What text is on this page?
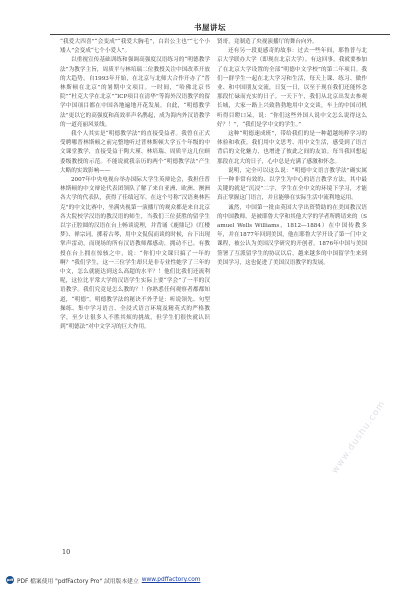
书屋讲坛

“我爱大四喜”“会变成”“我爱大胸毛”，白岩公主也”“七个小矮人”会变成“七个小爱人”。

以重视宣传基础训练和强调高强度汉语练习的“明德教学法”为教学主旨，周质平与林培瑞二位教授关注中国改革开放的大趋势，自1993年开始，在北京与北师大合作开办了“普林斯顿在北京”的暑期中文项目。一时间，“哈佛北京书院”“杜克大学在北京”“ICP项目在清华”等海外汉语教学的留学中国项目都在中国各地遍地开花发展。自此，“明德教学法”更以它的高强度和高效率声名鹊起，成为海内外汉语教学的一道亮丽风景线。

我个人其实是“明德教学法”的直接受益者。我曾在正式受聘哪普林斯顿之前完整地听过普林斯顿大学五个年级的中文课堂教学，直接受益于陶大瑾、林培瑞、周质平这几位顾委级教授的示范。不能说就我亲历的两个“明德教学法”产生大略的实效影响——

2007年中央电视台举办国际大学生英辩论会，我担任普林斯顿的中文辩论代表团领队了解了来自亚洲、欧洲、澳洲各大学的代表队，获得了佳绩冠军。在这个号称“汉语奥林匹克”的中文比赛中，坐满央视第一演播厅的观众都是来自北京各大院校学汉语的教汉语的师生，当我们三位获胜的留学生以字正腔圆的汉语在台上畅谈说理，并背诵《鹿鼎记》《红楼梦》、禅宗词，掷着古琴，用中文侃侃而谈的时候，台下出现掌声雷动，而现场的所有汉语教师都感动，拥动不已。有教授在台上拥在惊骇之中，说：“你们中文课只搞了一年的啊？”我们学生，这一三位学生却只是非专业性她学了三年的中文，怎么就能达到这么高超的水平？！他们比我们还流利呢，这位比平常大学的汉语学生实际上要“学会”了一半的汉语教学。我们究竟是怎么教的？！你熟悉任何观察者都都知道，“明德”，明德教学法的秘诀不外乎是：听说领先、句型操练、集中学习语言、全浸式语言环境及精英式的严格教学，至少让很多人不胜其烦的挑战，但学生们很快就认识到“明德法”对中文学习的巨大作用。

贤哥，竟制造了央视演播厅的舞台向外。

还有另一段更感奇的故事：过去一些年间，耶鲁普与北京大学联办大学（即现在北京大学）。有这回事，我就要参加了在北京大学设置的全部“明德中文学校”的第二年项目。我们一群学生一起在北大学习和生活，每天上课、练习、做作业、和中国朋友交流，日复一日，以至于现在我们还能怀念那段忙碌而充实的日子。一天下午，我们从北京出发去参观长城，大家一路上兴致勃勃地用中文交谈，车上的中国司机听得目瞪口呆，说：“你们这些外国人说中文怎么说得这么好？！”，“我们是学中文的学生。”

这种“明德速成班”，带给我们的是一种超越纯粹学习的体验和收获。我们用中文思考、用中文生活，感受到了语言背后的文化魅力，也增进了彼此之间的友谊。每当我回想起那段在北大的日子，心中总是充满了感激和怀念。

说明，完全可以这么说：“明德中文语言教学法”确实属于一种非常有效的、以学生为中心的语言教学方法，其中最关键的就是“沉浸”二字，学生在全中文的环境下学习，才能真正掌握这门语言，并且能够在实际生活中流利地运用。

诚然，中国第一批由英国大学出资赞助的在美国教汉语的中国教师，是被耶鲁大学和其他大学的学者所聘请来的（Samuel Wells Williams，1812—1884）在中国传教多年，并在1877年回到美国，他在耶鲁大学开设了第一门中文课程，被公认为美国汉学研究的开创者。1876年中国与美国签署了互派留学生的协议以后，越来越多的中国留学生来到美国学习，这也促进了美国汉语教学的发展。

10
pdf PDF 檔案使用 "pdfFactory Pro" 試用版本建立 www.pdffactory.com
www.dushu.com
